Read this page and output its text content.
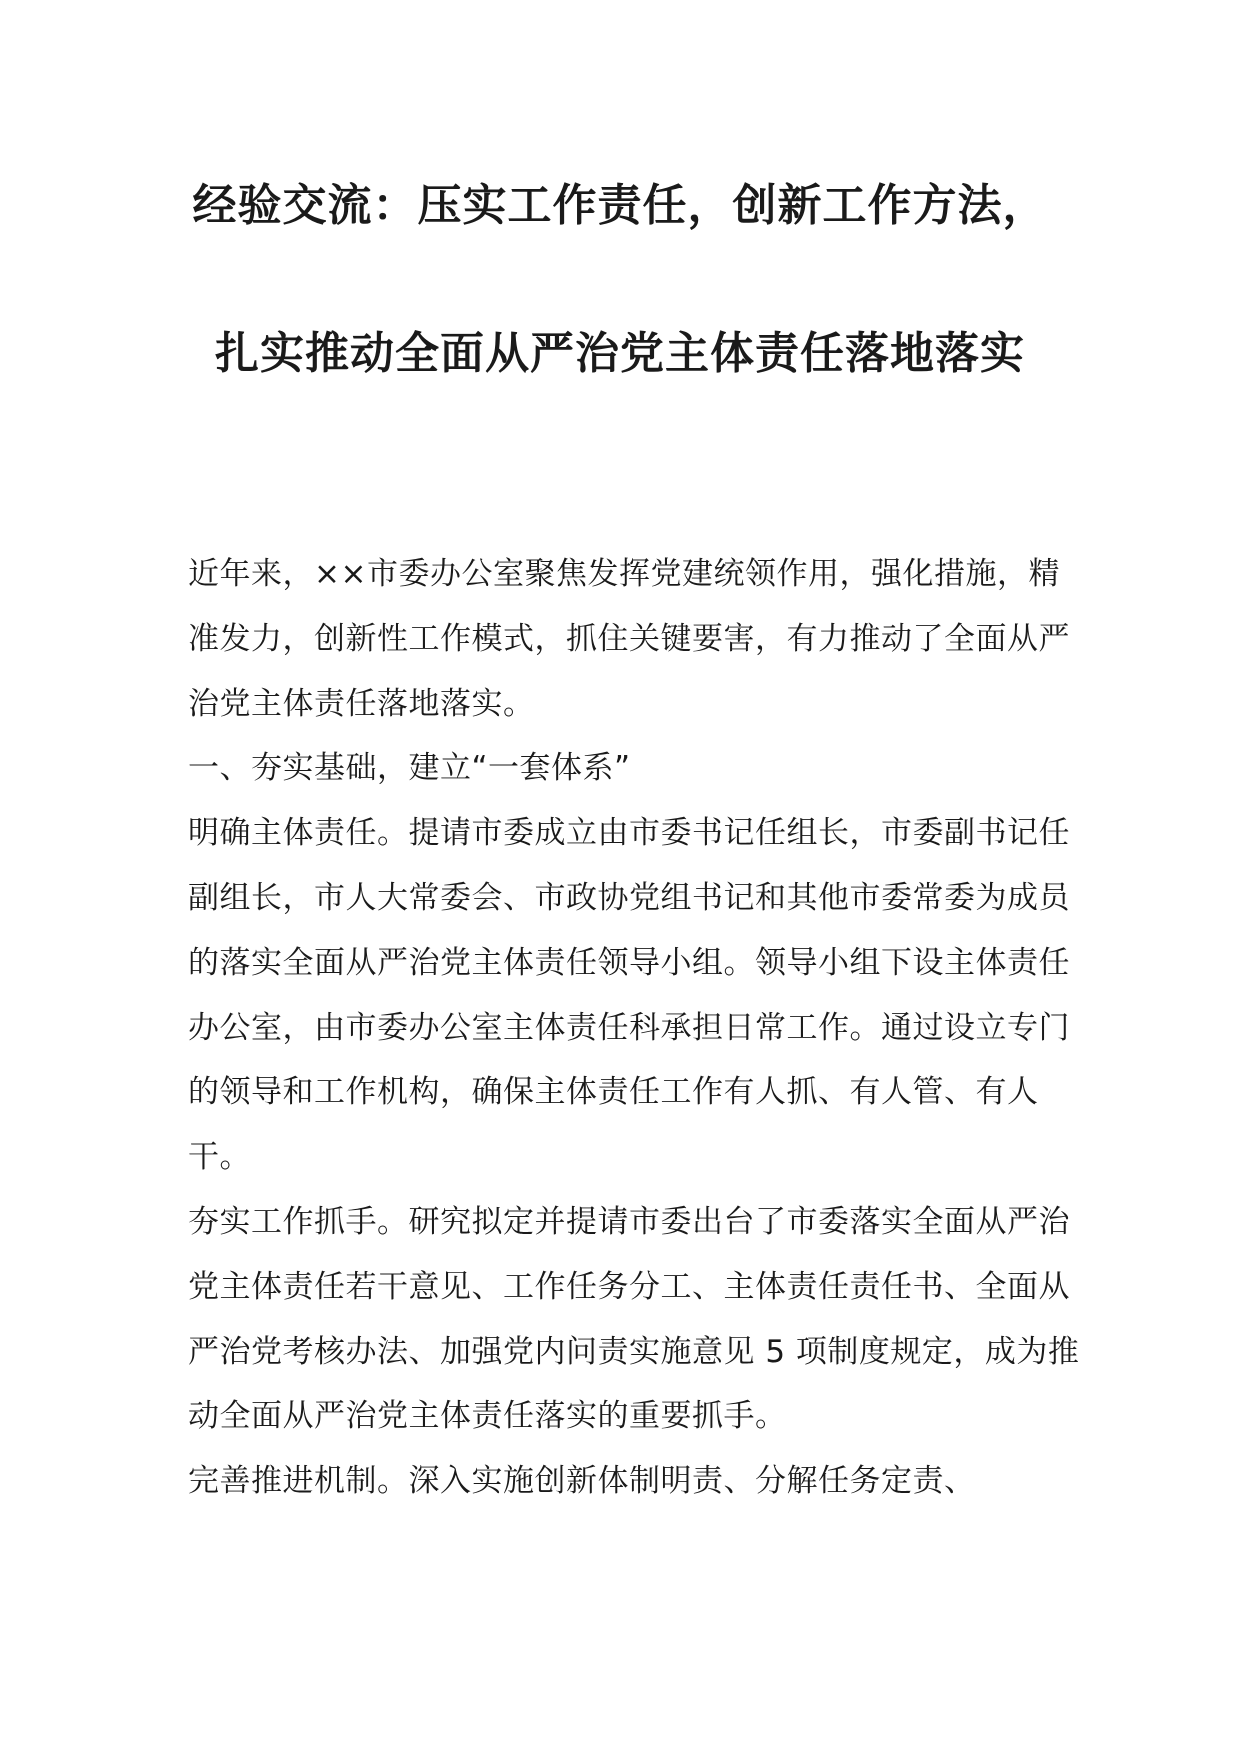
经验交流：压实工作责任，创新工作方法，
扎实推动全面从严治党主体责任落地落实

近年来，××市委办公室聚焦发挥党建统领作用，强化措施，精准发力，创新性工作模式，抓住关键要害，有力推动了全面从严治党主体责任落地落实。

一、夯实基础，建立“一套体系”

明确主体责任。提请市委成立由市委书记任组长，市委副书记任副组长，市人大常委会、市政协党组书记和其他市委常委为成员的落实全面从严治党主体责任领导小组。领导小组下设主体责任办公室，由市委办公室主体责任科承担日常工作。通过设立专门的领导和工作机构，确保主体责任工作有人抓、有人管、有人干。

夯实工作抓手。研究拟定并提请市委出台了市委落实全面从严治党主体责任若干意见、工作任务分工、主体责任责任书、全面从严治党考核办法、加强党内问责实施意见 5 项制度规定，成为推动全面从严治党主体责任落实的重要抓手。

完善推进机制。深入实施创新体制明责、分解任务定责、
